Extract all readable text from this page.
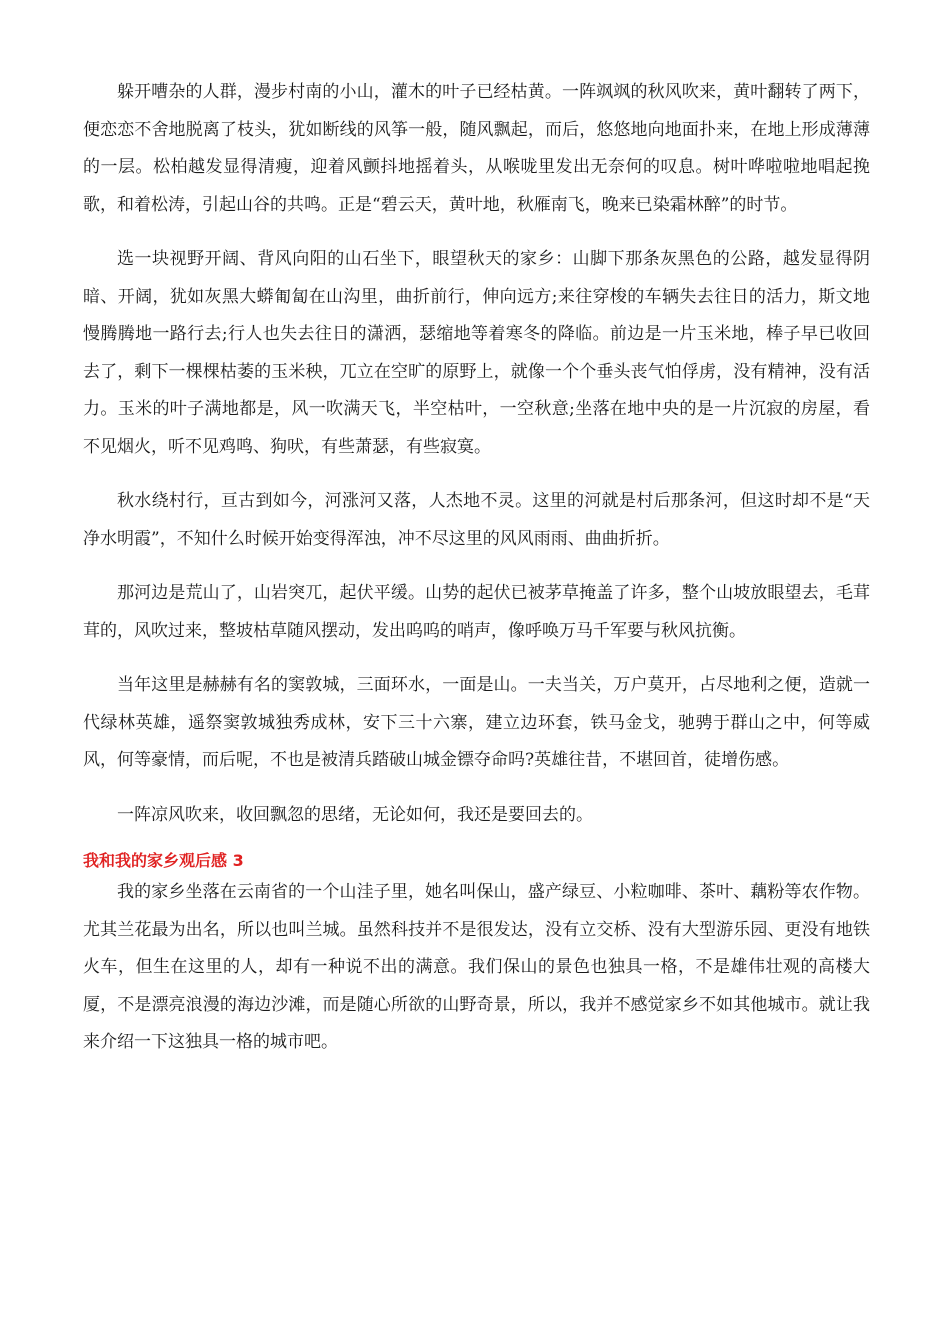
躲开嘈杂的人群，漫步村南的小山，灌木的叶子已经枯黄。一阵飒飒的秋风吹来，黄叶翻转了两下，便恋恋不舍地脱离了枝头，犹如断线的风筝一般，随风飘起，而后，悠悠地向地面扑来，在地上形成薄薄的一层。松柏越发显得清瘦，迎着风颤抖地摇着头，从喉咙里发出无奈何的叹息。树叶哗啦啦地唱起挽歌，和着松涛，引起山谷的共鸣。正是“碧云天，黄叶地，秋雁南飞，晚来已染霜林醉”的时节。

选一块视野开阔、背风向阳的山石坐下，眼望秋天的家乡：山脚下那条灰黑色的公路，越发显得阴暗、开阔，犹如灰黑大蟒匍匐在山沟里，曲折前行，伸向远方;来往穿梭的车辆失去往日的活力，斯文地慢腾腾地一路行去;行人也失去往日的潇洒，瑟缩地等着寒冬的降临。前边是一片玉米地，棒子早已收回去了，剩下一棵棵枯萎的玉米秧，兀立在空旷的原野上，就像一个个垂头丧气怕俘虏，没有精神，没有活力。玉米的叶子满地都是，风一吹满天飞，半空枯叶，一空秋意;坐落在地中央的是一片沉寂的房屋，看不见烟火，听不见鸡鸣、狗吠，有些萧瑟，有些寂寞。

秋水绕村行，亘古到如今，河涨河又落，人杰地不灵。这里的河就是村后那条河，但这时却不是“天净水明霞”，不知什么时候开始变得浑浊，冲不尽这里的风风雨雨、曲曲折折。

那河边是荒山了，山岩突兀，起伏平缓。山势的起伏已被茅草掩盖了许多，整个山坡放眼望去，毛茸茸的，风吹过来，整坡枯草随风摆动，发出呜呜的哨声，像呼唤万马千军要与秋风抗衡。

当年这里是赫赫有名的窦敦城，三面环水，一面是山。一夫当关，万户莫开，占尽地利之便，造就一代绿林英雄，遥祭窦敦城独秀成林，安下三十六寨，建立边环套，铁马金戈，驰骋于群山之中，何等威风，何等豪情，而后呢，不也是被清兵踏破山城金镖夺命吗?英雄往昔，不堪回首，徒增伤感。

一阵凉风吹来，收回飘忽的思绪，无论如何，我还是要回去的。

我和我的家乡观后感 3

我的家乡坐落在云南省的一个山洼子里，她名叫保山，盛产绿豆、小粒咖啡、茶叶、藕粉等农作物。尤其兰花最为出名，所以也叫兰城。虽然科技并不是很发达，没有立交桥、没有大型游乐园、更没有地铁火车，但生在这里的人，却有一种说不出的满意。我们保山的景色也独具一格，不是雄伟壮观的高楼大厦，不是漂亮浪漫的海边沙滩，而是随心所欲的山野奇景，所以，我并不感觉家乡不如其他城市。就让我来介绍一下这独具一格的城市吧。
